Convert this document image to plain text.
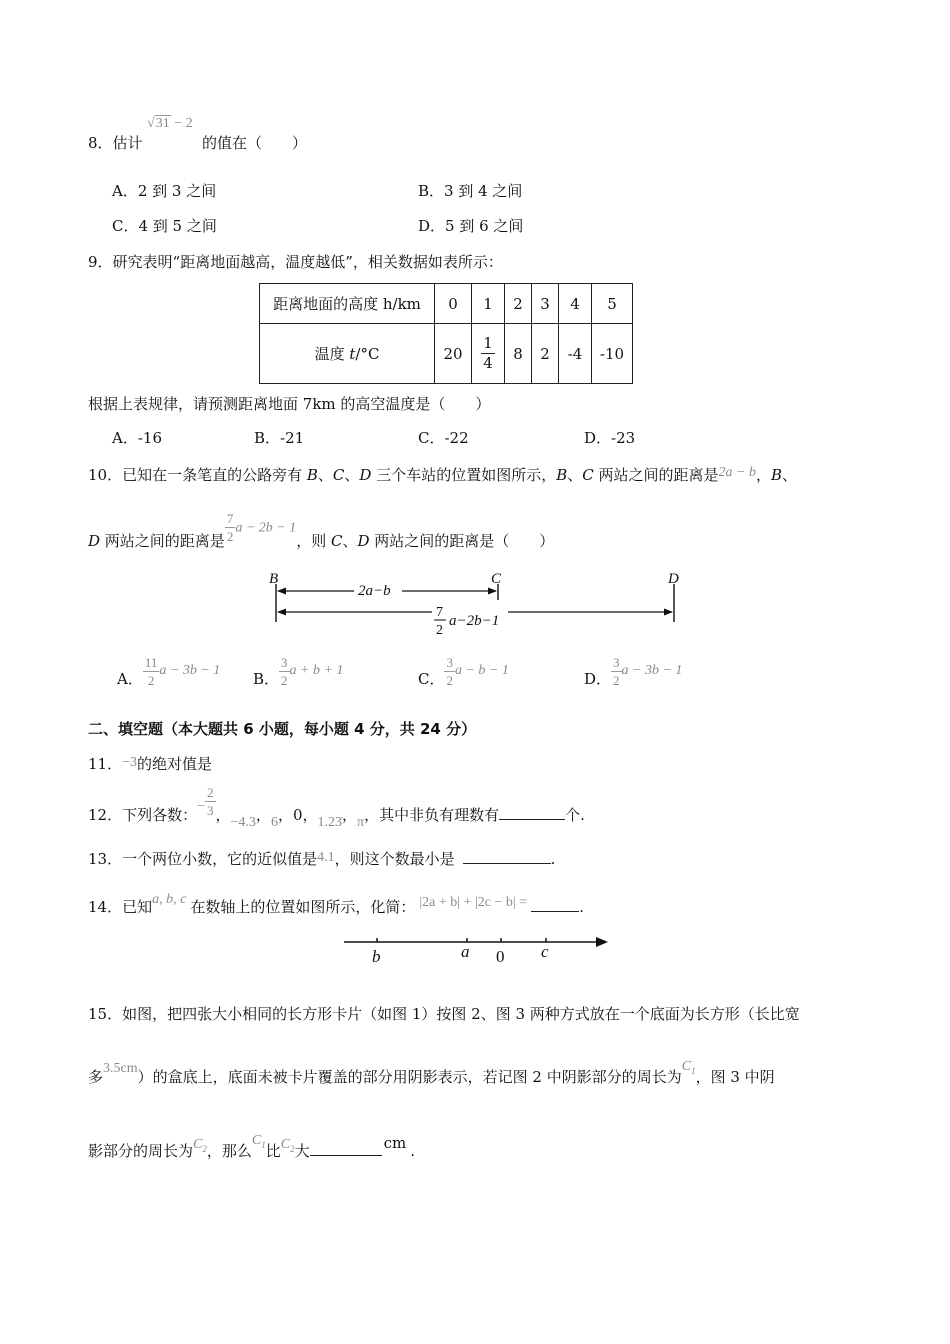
8．估计
√31 − 2
的值在（　　）
A．2 到 3 之间	B．3 到 4 之间
C．4 到 5 之间	D．5 到 6 之间
9．研究表明“距离地面越高，温度越低”，相关数据如表所示：
距离地面的高度 h/km	0	1	2	3	4	5
温度 t/°C	20	$\frac{1}{4}$	8	2	-4	-10
根据上表规律，请预测距离地面 7km 的高空温度是（　　）
A．-16	B．-21	C．-22	D．-23
10．已知在一条笔直的公路旁有 B、C、D 三个车站的位置如图所示，B、C 两站之间的距离是2a − b，B、
D 两站之间的距离是 $\frac{7}{2}$ a − 2b − 1，则 C、D 两站之间的距离是（　　）
B	C	D
2a−b
7
2
a−2b−1
A． $\frac{11}{2}$ a − 3b − 1 B． $\frac{3}{2}$ a + b + 1	C． $\frac{3}{2}$ a − b − 1	D． $\frac{3}{2}$ a − 3b − 1
二、填空题（本大题共 6 小题，每小题 4 分，共 24 分）
11．−3的绝对值是
12．下列各数：− $\frac{2}{3}$ ，−4.3，6，0，1.23̇，π，其中非负有理数有	个.
13．一个两位小数，它的近似值是4.1，则这个数最小是	.
14．已知a, b, c 在数轴上的位置如图所示，化简： |2a + b| + |2c − b| =	.
b	a 0 c
15．如图，把四张大小相同的长方形卡片（如图 1）按图 2、图 3 两种方式放在一个底面为长方形（长比宽
多3.5cm）的盒底上，底面未被卡片覆盖的部分用阴影表示，若记图 2 中阴影部分的周长为$C_1$，图 3 中阴
影部分的周长为$C_2$，那么$C_1$比$C_2$大	cm .
